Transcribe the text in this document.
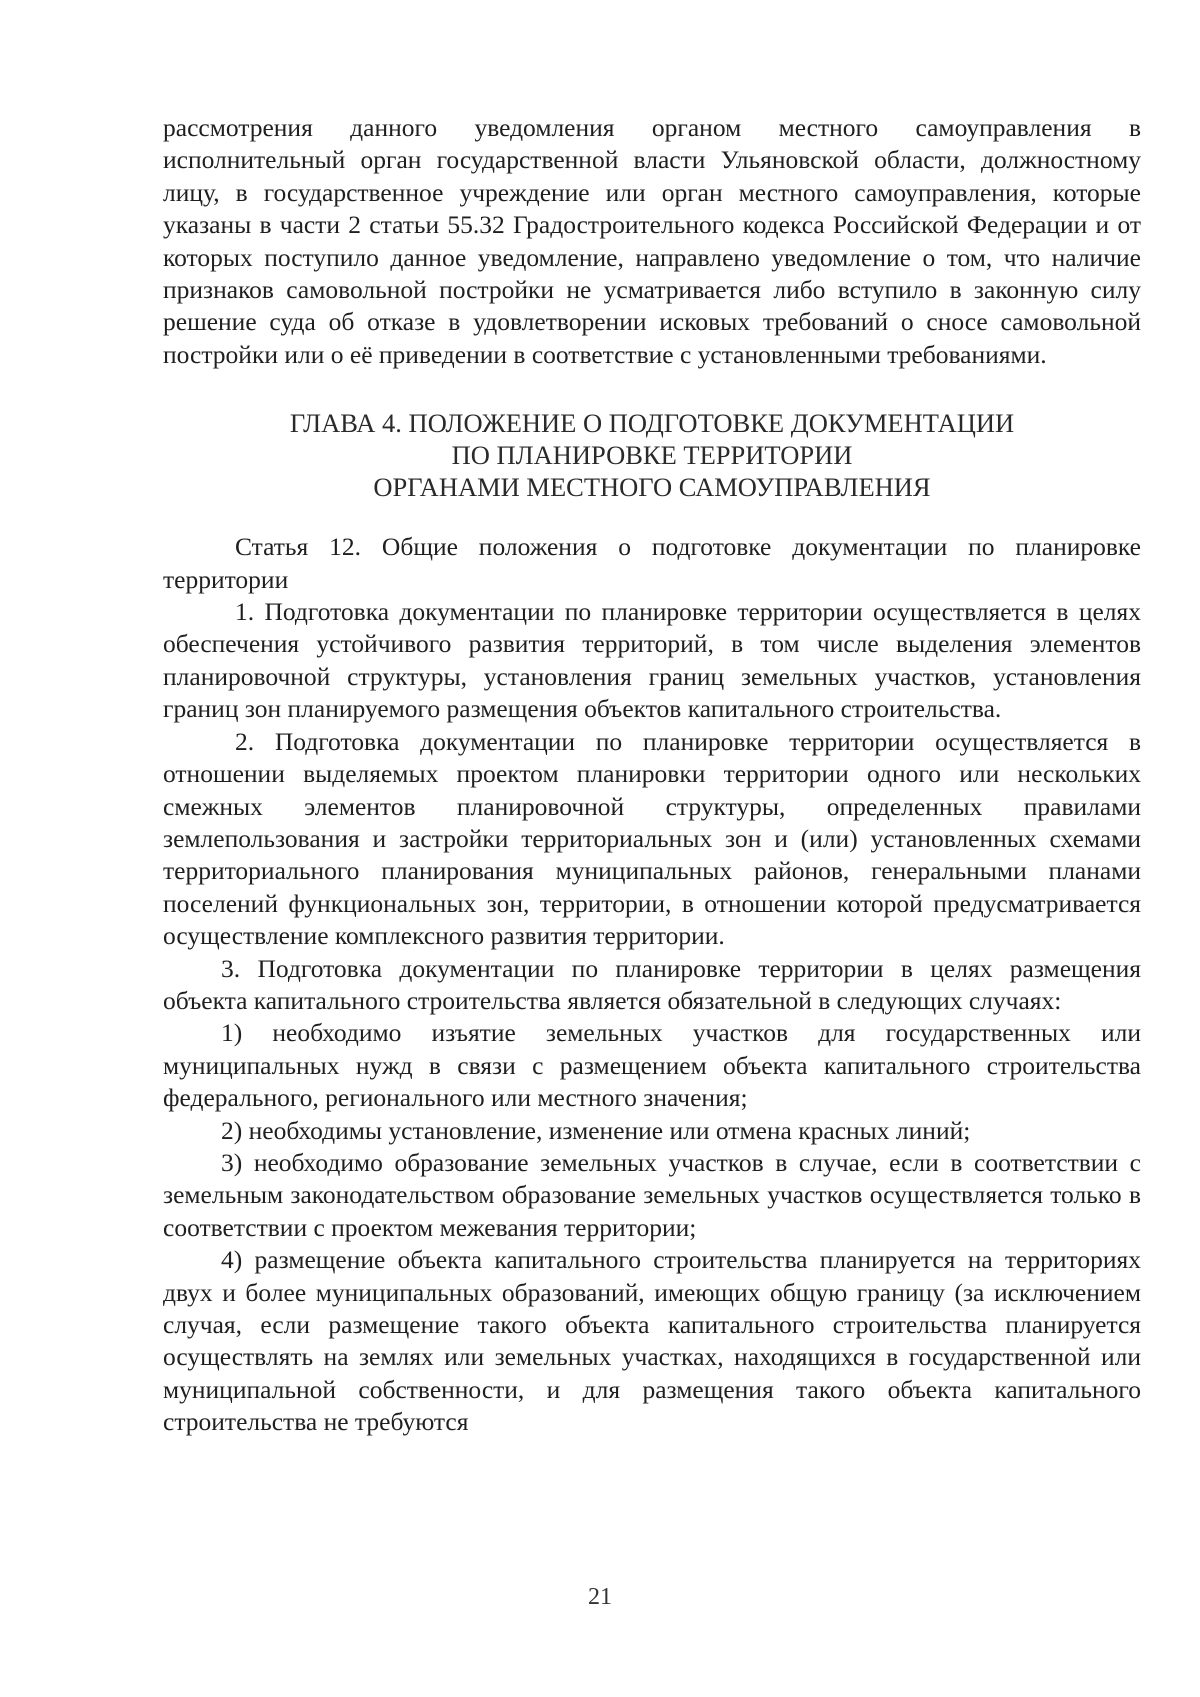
рассмотрения данного уведомления органом местного самоуправления в исполнительный орган государственной власти Ульяновской области, должностному лицу, в государственное учреждение или орган местного самоуправления, которые указаны в части 2 статьи 55.32 Градостроительного кодекса Российской Федерации и от которых поступило данное уведомление, направлено уведомление о том, что наличие признаков самовольной постройки не усматривается либо вступило в законную силу решение суда об отказе в удовлетворении исковых требований о сносе самовольной постройки или о её приведении в соответствие с установленными требованиями.

ГЛАВА 4. ПОЛОЖЕНИЕ О ПОДГОТОВКЕ ДОКУМЕНТАЦИИ
ПО ПЛАНИРОВКЕ ТЕРРИТОРИИ
ОРГАНАМИ МЕСТНОГО САМОУПРАВЛЕНИЯ

Статья 12. Общие положения о подготовке документации по планировке территории

1. Подготовка документации по планировке территории осуществляется в целях обеспечения устойчивого развития территорий, в том числе выделения элементов планировочной структуры, установления границ земельных участков, установления границ зон планируемого размещения объектов капитального строительства.

2. Подготовка документации по планировке территории осуществляется в отношении выделяемых проектом планировки территории одного или нескольких смежных элементов планировочной структуры, определенных правилами землепользования и застройки территориальных зон и (или) установленных схемами территориального планирования муниципальных районов, генеральными планами поселений функциональных зон, территории, в отношении которой предусматривается осуществление комплексного развития территории.

3. Подготовка документации по планировке территории в целях размещения объекта капитального строительства является обязательной в следующих случаях:

1) необходимо изъятие земельных участков для государственных или муниципальных нужд в связи с размещением объекта капитального строительства федерального, регионального или местного значения;

2) необходимы установление, изменение или отмена красных линий;

3) необходимо образование земельных участков в случае, если в соответствии с земельным законодательством образование земельных участков осуществляется только в соответствии с проектом межевания территории;

4) размещение объекта капитального строительства планируется на территориях двух и более муниципальных образований, имеющих общую границу (за исключением случая, если размещение такого объекта капитального строительства планируется осуществлять на землях или земельных участках, находящихся в государственной или муниципальной собственности, и для размещения такого объекта капитального строительства не требуются

21
